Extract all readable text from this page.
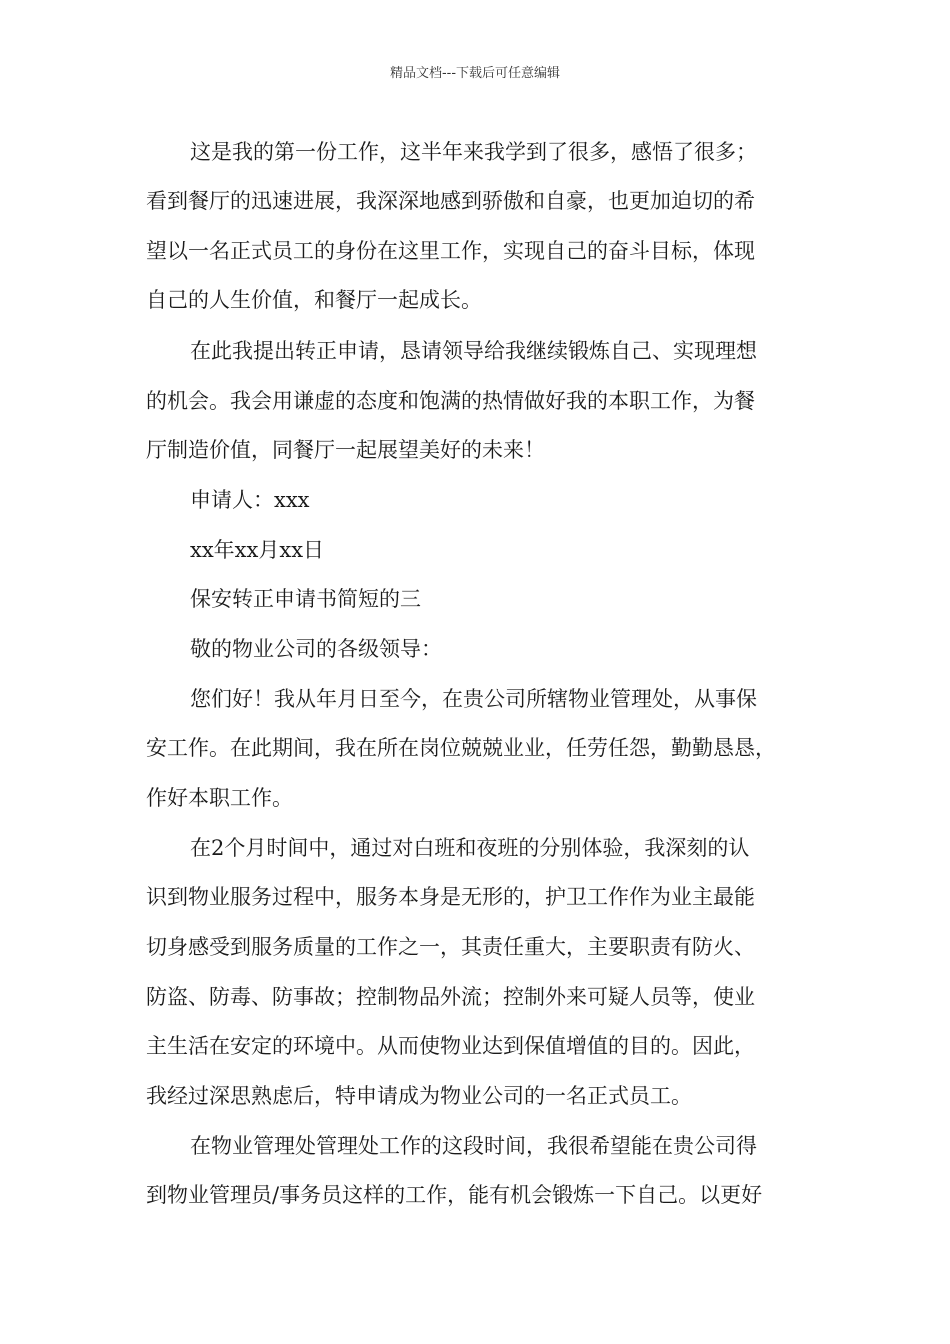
精品文档---下载后可任意编辑
这是我的第一份工作，这半年来我学到了很多，感悟了很多；
看到餐厅的迅速进展，我深深地感到骄傲和自豪，也更加迫切的希
望以一名正式员工的身份在这里工作，实现自己的奋斗目标，体现
自己的人生价值，和餐厅一起成长。
在此我提出转正申请，恳请领导给我继续锻炼自己、实现理想
的机会。我会用谦虚的态度和饱满的热情做好我的本职工作，为餐
厅制造价值，同餐厅一起展望美好的未来！
申请人：xxx
xx年xx月xx日
保安转正申请书简短的三
敬的物业公司的各级领导：
您们好！我从年月日至今，在贵公司所辖物业管理处，从事保
安工作。在此期间，我在所在岗位兢兢业业，任劳任怨，勤勤恳恳，
作好本职工作。
在2个月时间中，通过对白班和夜班的分别体验，我深刻的认
识到物业服务过程中，服务本身是无形的，护卫工作作为业主最能
切身感受到服务质量的工作之一，其责任重大，主要职责有防火、
防盗、防毒、防事故；控制物品外流；控制外来可疑人员等，使业
主生活在安定的环境中。从而使物业达到保值增值的目的。因此，
我经过深思熟虑后，特申请成为物业公司的一名正式员工。
在物业管理处管理处工作的这段时间，我很希望能在贵公司得
到物业管理员/事务员这样的工作，能有机会锻炼一下自己。以更好
